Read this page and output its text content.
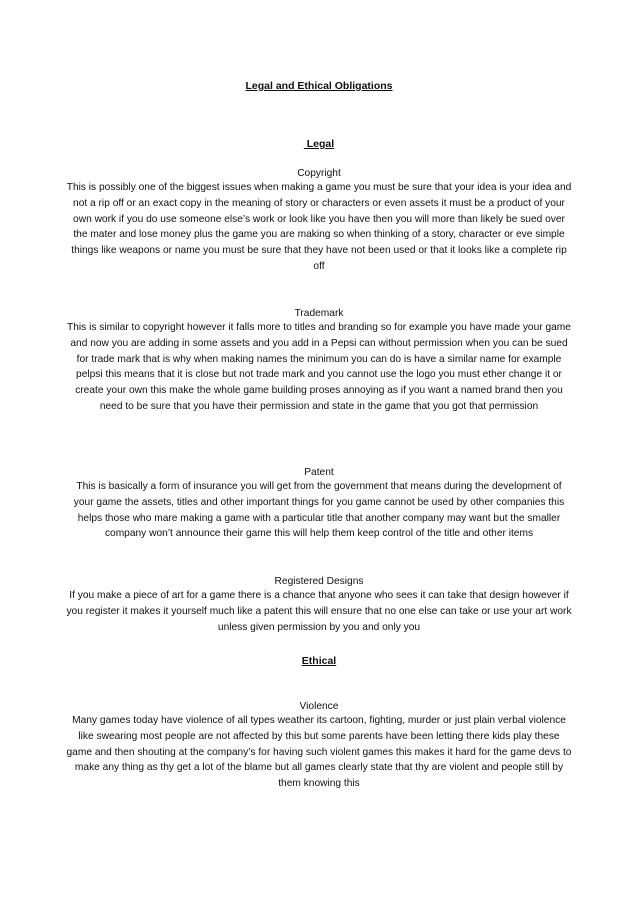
Legal and Ethical Obligations
Legal
Copyright
This is possibly one of the biggest issues when making a game you must be sure that your idea is your idea and not a rip off or an exact copy in the meaning of story or characters or even assets it must be a product of your own work if you do use someone else’s work or look like you have then you will more than likely be sued over the mater and lose money plus the game you are making so when thinking of a story, character or eve simple things like weapons or name you must be sure that they have not been used or that it looks like a complete rip off
Trademark
This is similar to copyright however it falls more to titles and branding so for example you have made your game and now you are adding in some assets and you add in a Pepsi can without permission when you can be sued for trade mark that is why when making names the minimum you can do is have a similar name for example pelpsi this means that it is close but not trade mark and you cannot use the logo you must ether change it or create your own this make the whole game building proses annoying as if you want a named brand then you need to be sure that you have their permission and state in the game that you got that permission
Patent
This is basically a form of insurance you will get from the government that means during the development of your game the assets, titles and other important things for you game cannot be used by other companies this helps those who mare making a game with a particular title that another company may want but the smaller company won’t announce their game this will help them keep control of the title and other items
Registered Designs
If you make a piece of art for a game there is a chance that anyone who sees it can take that design however if you register it makes it yourself much like a patent this will ensure that no one else can take or use your art work unless given permission by you and only you
Ethical
Violence
Many games today have violence of all types weather its cartoon, fighting, murder or just plain verbal violence like swearing most people are not affected by this but some parents have been letting there kids play these game and then shouting at the company’s for having such violent games this makes it hard for the game devs to make any thing as thy get a lot of the blame but all games clearly state that thy are violent and people still by them knowing this
